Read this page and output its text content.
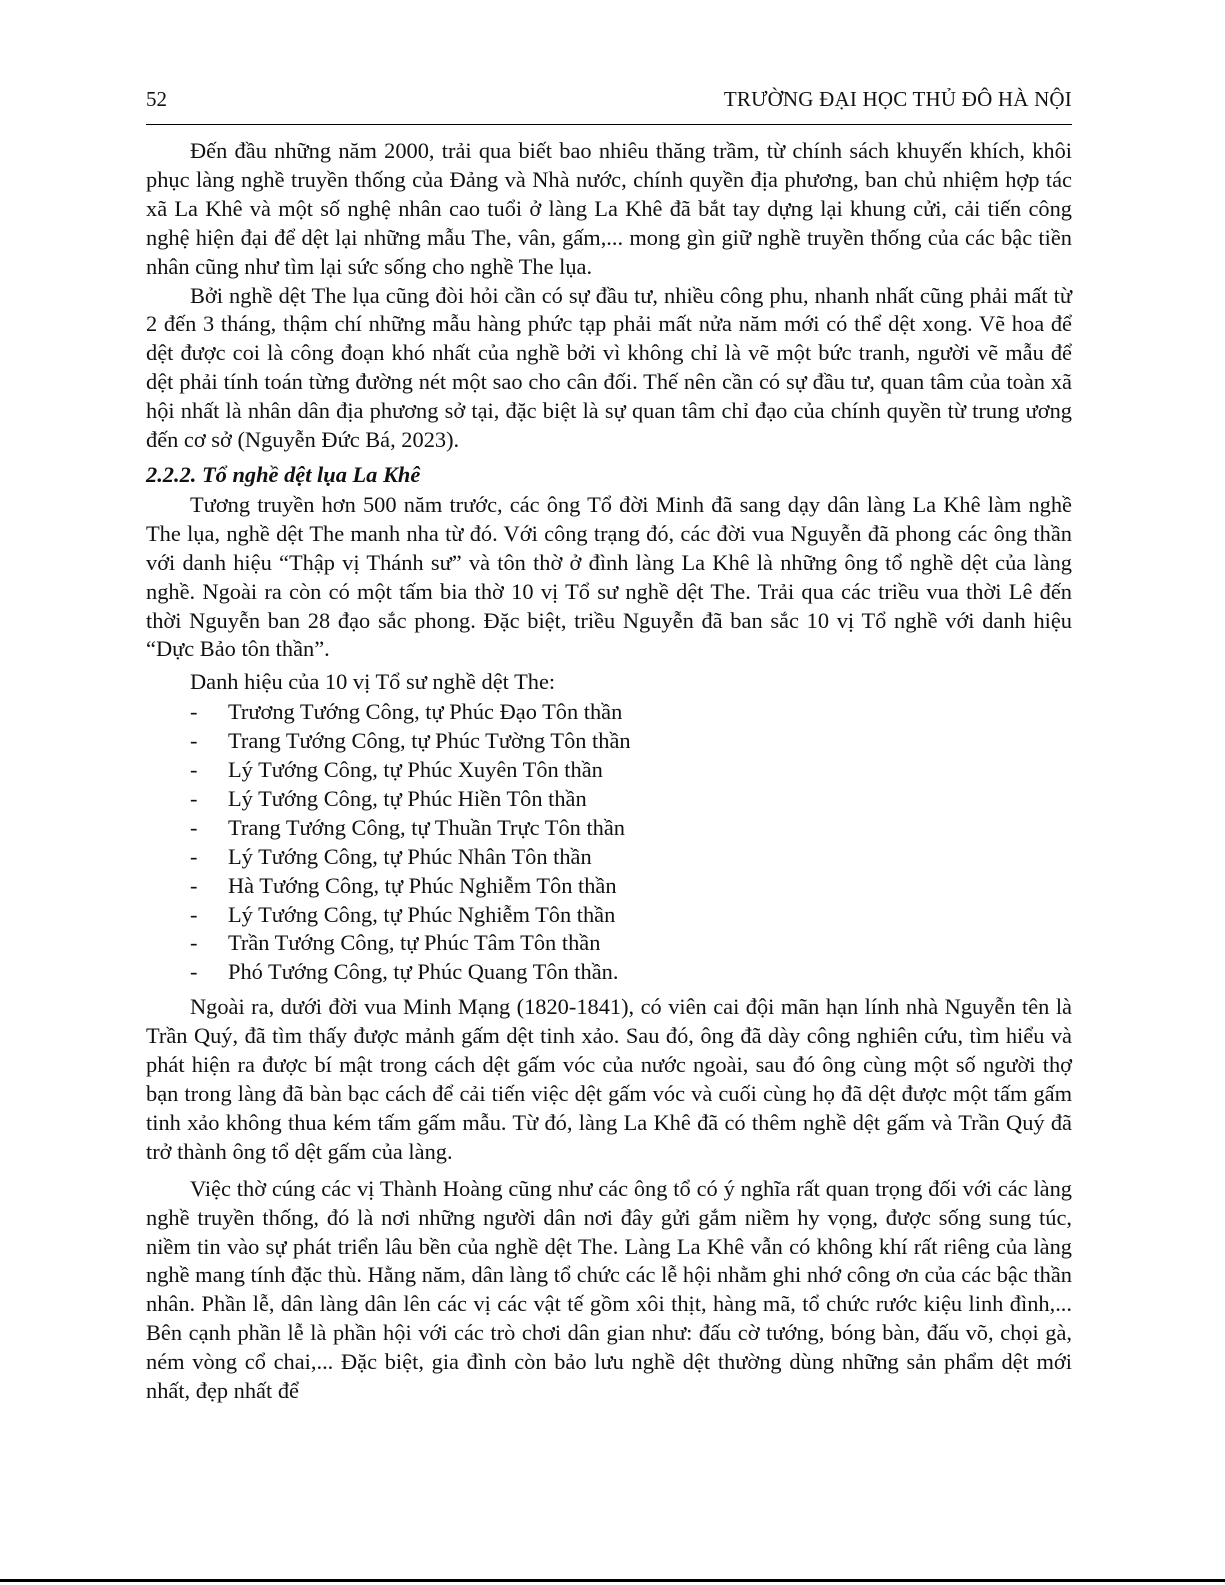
52	TRƯỜNG ĐẠI HỌC THỦ ĐÔ HÀ NỘI

Đến đầu những năm 2000, trải qua biết bao nhiêu thăng trầm, từ chính sách khuyến khích, khôi phục làng nghề truyền thống của Đảng và Nhà nước, chính quyền địa phương, ban chủ nhiệm hợp tác xã La Khê và một số nghệ nhân cao tuổi ở làng La Khê đã bắt tay dựng lại khung cửi, cải tiến công nghệ hiện đại để dệt lại những mẫu The, vân, gấm,... mong gìn giữ nghề truyền thống của các bậc tiền nhân cũng như tìm lại sức sống cho nghề The lụa.

Bởi nghề dệt The lụa cũng đòi hỏi cần có sự đầu tư, nhiều công phu, nhanh nhất cũng phải mất từ 2 đến 3 tháng, thậm chí những mẫu hàng phức tạp phải mất nửa năm mới có thể dệt xong. Vẽ hoa để dệt được coi là công đoạn khó nhất của nghề bởi vì không chỉ là vẽ một bức tranh, người vẽ mẫu để dệt phải tính toán từng đường nét một sao cho cân đối. Thế nên cần có sự đầu tư, quan tâm của toàn xã hội nhất là nhân dân địa phương sở tại, đặc biệt là sự quan tâm chỉ đạo của chính quyền từ trung ương đến cơ sở (Nguyễn Đức Bá, 2023).

2.2.2. Tổ nghề dệt lụa La Khê

Tương truyền hơn 500 năm trước, các ông Tổ đời Minh đã sang dạy dân làng La Khê làm nghề The lụa, nghề dệt The manh nha từ đó. Với công trạng đó, các đời vua Nguyễn đã phong các ông thần với danh hiệu “Thập vị Thánh sư” và tôn thờ ở đình làng La Khê là những ông tổ nghề dệt của làng nghề. Ngoài ra còn có một tấm bia thờ 10 vị Tổ sư nghề dệt The. Trải qua các triều vua thời Lê đến thời Nguyễn ban 28 đạo sắc phong. Đặc biệt, triều Nguyễn đã ban sắc 10 vị Tổ nghề với danh hiệu “Dực Bảo tôn thần”.

Danh hiệu của 10 vị Tổ sư nghề dệt The:

-	Trương Tướng Công, tự Phúc Đạo Tôn thần
-	Trang Tướng Công, tự Phúc Tường Tôn thần
-	Lý Tướng Công, tự Phúc Xuyên Tôn thần
-	Lý Tướng Công, tự Phúc Hiền Tôn thần
-	Trang Tướng Công, tự Thuần Trực Tôn thần
-	Lý Tướng Công, tự Phúc Nhân Tôn thần
-	Hà Tướng Công, tự Phúc Nghiễm Tôn thần
-	Lý Tướng Công, tự Phúc Nghiễm Tôn thần
-	Trần Tướng Công, tự Phúc Tâm Tôn thần
-	Phó Tướng Công, tự Phúc Quang Tôn thần.

Ngoài ra, dưới đời vua Minh Mạng (1820-1841), có viên cai đội mãn hạn lính nhà Nguyễn tên là Trần Quý, đã tìm thấy được mảnh gấm dệt tinh xảo. Sau đó, ông đã dày công nghiên cứu, tìm hiểu và phát hiện ra được bí mật trong cách dệt gấm vóc của nước ngoài, sau đó ông cùng một số người thợ bạn trong làng đã bàn bạc cách để cải tiến việc dệt gấm vóc và cuối cùng họ đã dệt được một tấm gấm tinh xảo không thua kém tấm gấm mẫu. Từ đó, làng La Khê đã có thêm nghề dệt gấm và Trần Quý đã trở thành ông tổ dệt gấm của làng.

Việc thờ cúng các vị Thành Hoàng cũng như các ông tổ có ý nghĩa rất quan trọng đối với các làng nghề truyền thống, đó là nơi những người dân nơi đây gửi gắm niềm hy vọng, được sống sung túc, niềm tin vào sự phát triển lâu bền của nghề dệt The. Làng La Khê vẫn có không khí rất riêng của làng nghề mang tính đặc thù. Hằng năm, dân làng tổ chức các lễ hội nhằm ghi nhớ công ơn của các bậc thần nhân. Phần lễ, dân làng dân lên các vị các vật tế gồm xôi thịt, hàng mã, tổ chức rước kiệu linh đình,... Bên cạnh phần lễ là phần hội với các trò chơi dân gian như: đấu cờ tướng, bóng bàn, đấu võ, chọi gà, ném vòng cổ chai,... Đặc biệt, gia đình còn bảo lưu nghề dệt thường dùng những sản phẩm dệt mới nhất, đẹp nhất để
